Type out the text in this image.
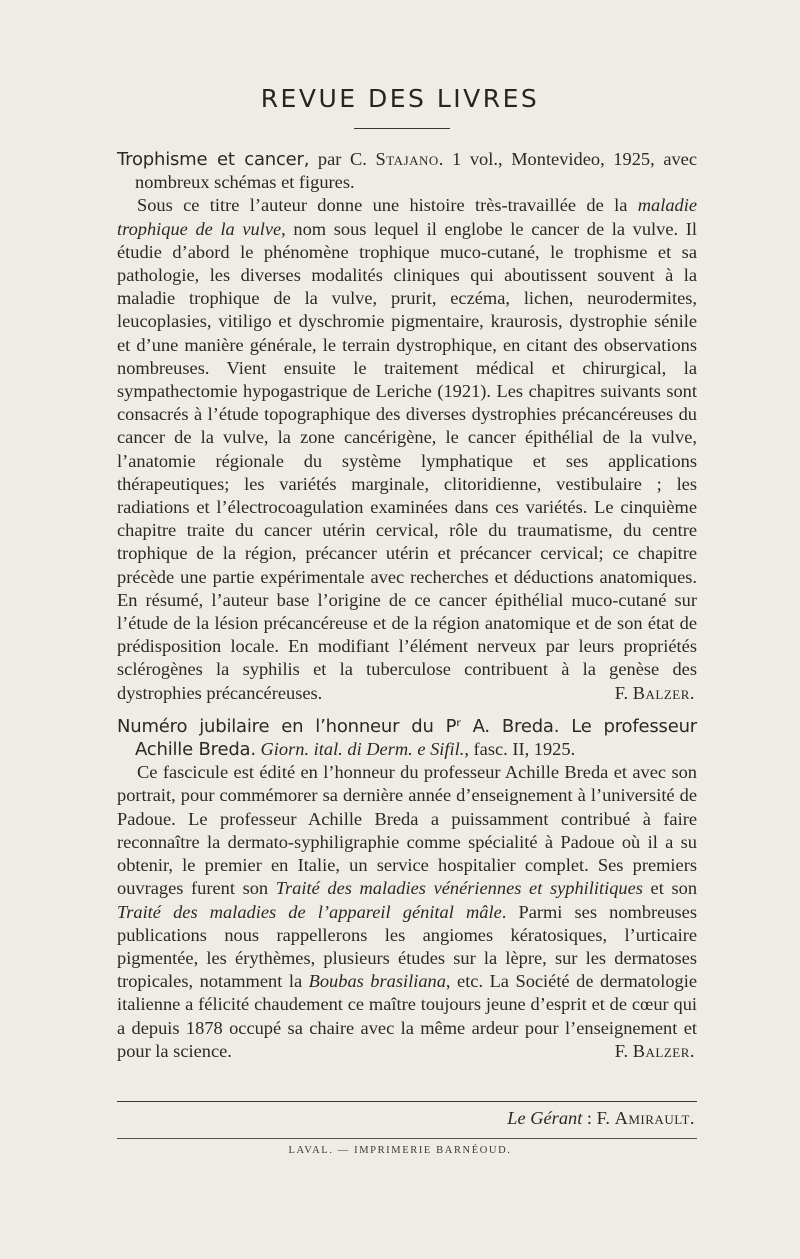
REVUE DES LIVRES

Trophisme et cancer, par C. Stajano. 1 vol., Montevideo, 1925, avec nombreux schémas et figures.

Sous ce titre l’auteur donne une histoire très-travaillée de la maladie trophique de la vulve, nom sous lequel il englobe le cancer de la vulve. Il étudie d’abord le phénomène trophique muco-cutané, le trophisme et sa pathologie, les diverses modalités cliniques qui aboutissent souvent à la maladie trophique de la vulve, prurit, eczéma, lichen, neurodermites, leucoplasies, vitiligo et dyschromie pigmentaire, kraurosis, dystrophie sénile et d’une manière générale, le terrain dystrophique, en citant des observations nombreuses. Vient ensuite le traitement médical et chirurgical, la sympathectomie hypogastrique de Leriche (1921). Les chapitres suivants sont consacrés à l’étude topographique des diverses dystrophies précancéreuses du cancer de la vulve, la zone cancérigène, le cancer épithélial de la vulve, l’anatomie régionale du système lymphatique et ses applications thérapeutiques; les variétés marginale, clitoridienne, vestibulaire ; les radiations et l’électrocoagulation examinées dans ces variétés. Le cinquième chapitre traite du cancer utérin cervical, rôle du traumatisme, du centre trophique de la région, précancer utérin et précancer cervical; ce chapitre précède une partie expérimentale avec recherches et déductions anatomiques. En résumé, l’auteur base l’origine de ce cancer épithélial muco-cutané sur l’étude de la lésion précancéreuse et de la région anatomique et de son état de prédisposition locale. En modifiant l’élément nerveux par leurs propriétés sclérogènes la syphilis et la tuberculose contribuent à la genèse des dystrophies précancéreuses.	F. Balzer.

Numéro jubilaire en l’honneur du Pʳ A. Breda. Le professeur Achille Breda. Giorn. ital. di Derm. e Sifil., fasc. II, 1925.

Ce fascicule est édité en l’honneur du professeur Achille Breda et avec son portrait, pour commémorer sa dernière année d’enseignement à l’université de Padoue. Le professeur Achille Breda a puissamment contribué à faire reconnaître la dermato-syphiligraphie comme spécialité à Padoue où il a su obtenir, le premier en Italie, un service hospitalier complet. Ses premiers ouvrages furent son Traité des maladies vénériennes et syphilitiques et son Traité des maladies de l’appareil génital mâle. Parmi ses nombreuses publications nous rappellerons les angiomes kératosiques, l’urticaire pigmentée, les érythèmes, plusieurs études sur la lèpre, sur les dermatoses tropicales, notamment la Boubas brasiliana, etc. La Société de dermatologie italienne a félicité chaudement ce maître toujours jeune d’esprit et de cœur qui a depuis 1878 occupé sa chaire avec la même ardeur pour l’enseignement et pour la science.	F. Balzer.

Le Gérant : F. Amirault.
LAVAL. — IMPRIMERIE BARNÉOUD.
